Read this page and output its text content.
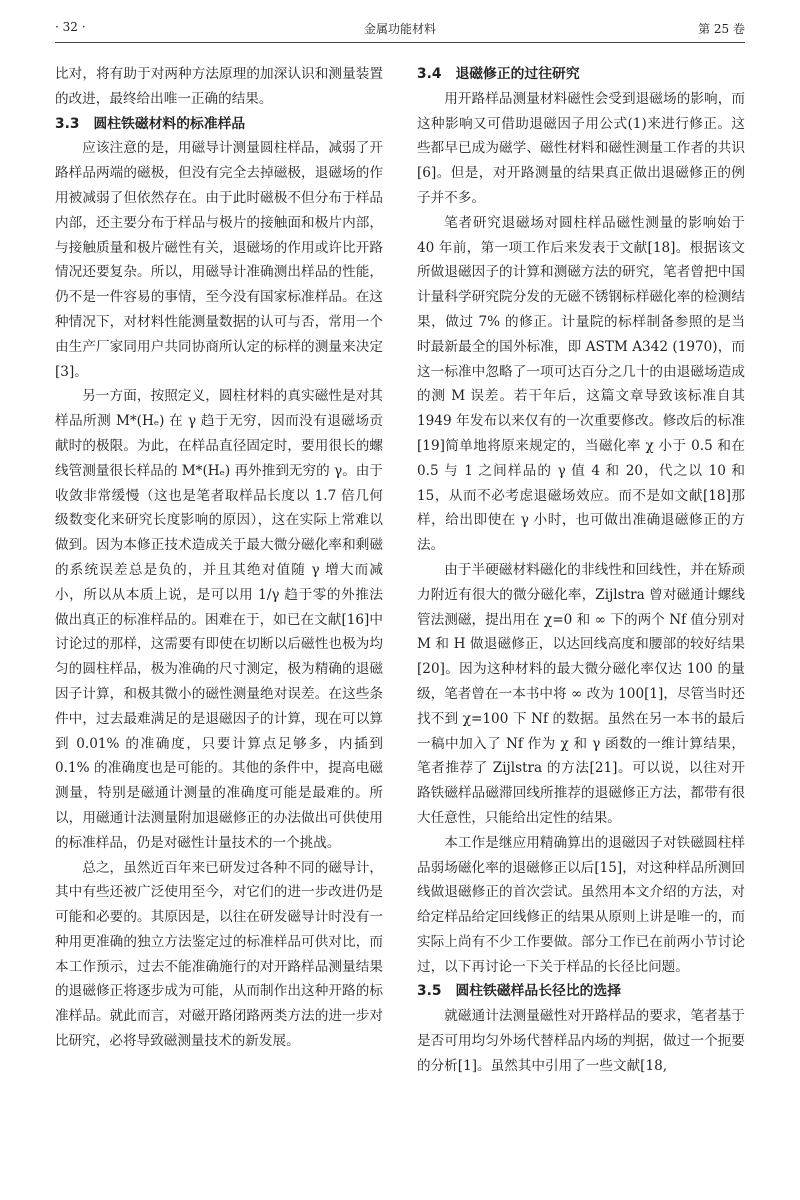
· 32 ·	金属功能材料	第 25 卷

比对，将有助于对两种方法原理的加深认识和测量装置的改进，最终给出唯一正确的结果。

3.3 圆柱铁磁材料的标准样品

应该注意的是，用磁导计测量圆柱样品，减弱了开路样品两端的磁极，但没有完全去掉磁极，退磁场的作用被减弱了但依然存在。由于此时磁极不但分布于样品内部，还主要分布于样品与极片的接触面和极片内部，与接触质量和极片磁性有关，退磁场的作用或许比开路情况还要复杂。所以，用磁导计准确测出样品的性能，仍不是一件容易的事情，至今没有国家标准样品。在这种情况下，对材料性能测量数据的认可与否，常用一个由生产厂家同用户共同协商所认定的标样的测量来决定[3]。

另一方面，按照定义，圆柱材料的真实磁性是对其样品所测 M*(Hₑ) 在 γ 趋于无穷，因而没有退磁场贡献时的极限。为此，在样品直径固定时，要用很长的螺线管测量很长样品的 M*(Hₑ) 再外推到无穷的 γ。由于收敛非常缓慢（这也是笔者取样品长度以 1.7 倍几何级数变化来研究长度影响的原因），这在实际上常难以做到。因为本修正技术造成关于最大微分磁化率和剩磁的系统误差总是负的，并且其绝对值随 γ 增大而减小，所以从本质上说，是可以用 1/γ 趋于零的外推法做出真正的标准样品的。困难在于，如已在文献[16]中讨论过的那样，这需要有即使在切断以后磁性也极为均匀的圆柱样品，极为准确的尺寸测定，极为精确的退磁因子计算，和极其微小的磁性测量绝对误差。在这些条件中，过去最难满足的是退磁因子的计算，现在可以算到 0.01% 的准确度，只要计算点足够多，内插到 0.1% 的准确度也是可能的。其他的条件中，提高电磁测量，特别是磁通计测量的准确度可能是最难的。所以，用磁通计法测量附加退磁修正的办法做出可供使用的标准样品，仍是对磁性计量技术的一个挑战。

总之，虽然近百年来已研发过各种不同的磁导计，其中有些还被广泛使用至今，对它们的进一步改进仍是可能和必要的。其原因是，以往在研发磁导计时没有一种用更准确的独立方法鉴定过的标准样品可供对比，而本工作预示，过去不能准确施行的对开路样品测量结果的退磁修正将逐步成为可能，从而制作出这种开路的标准样品。就此而言，对磁开路闭路两类方法的进一步对比研究，必将导致磁测量技术的新发展。

3.4 退磁修正的过往研究

用开路样品测量材料磁性会受到退磁场的影响，而这种影响又可借助退磁因子用公式(1)来进行修正。这些都早已成为磁学、磁性材料和磁性测量工作者的共识[6]。但是，对开路测量的结果真正做出退磁修正的例子并不多。

笔者研究退磁场对圆柱样品磁性测量的影响始于 40 年前，第一项工作后来发表于文献[18]。根据该文所做退磁因子的计算和测磁方法的研究，笔者曾把中国计量科学研究院分发的无磁不锈钢标样磁化率的检测结果，做过 7% 的修正。计量院的标样制备参照的是当时最新最全的国外标准，即 ASTM A342 (1970)，而这一标准中忽略了一项可达百分之几十的由退磁场造成的测 M 误差。若干年后，这篇文章导致该标准自其 1949 年发布以来仅有的一次重要修改。修改后的标准[19]简单地将原来规定的，当磁化率 χ 小于 0.5 和在 0.5 与 1 之间样品的 γ 值 4 和 20，代之以 10 和 15，从而不必考虑退磁场效应。而不是如文献[18]那样，给出即使在 γ 小时，也可做出准确退磁修正的方法。

由于半硬磁材料磁化的非线性和回线性，并在矫顽力附近有很大的微分磁化率，Zijlstra 曾对磁通计螺线管法测磁，提出用在 χ=0 和 ∞ 下的两个 Nf 值分别对 M 和 H 做退磁修正，以达回线高度和腰部的较好结果[20]。因为这种材料的最大微分磁化率仅达 100 的量级，笔者曾在一本书中将 ∞ 改为 100[1]，尽管当时还找不到 χ=100 下 Nf 的数据。虽然在另一本书的最后一稿中加入了 Nf 作为 χ 和 γ 函数的一维计算结果，笔者推荐了 Zijlstra 的方法[21]。可以说，以往对开路铁磁样品磁滞回线所推荐的退磁修正方法，都带有很大任意性，只能给出定性的结果。

本工作是继应用精确算出的退磁因子对铁磁圆柱样品弱场磁化率的退磁修正以后[15]，对这种样品所测回线做退磁修正的首次尝试。虽然用本文介绍的方法，对给定样品给定回线修正的结果从原则上讲是唯一的，而实际上尚有不少工作要做。部分工作已在前两小节讨论过，以下再讨论一下关于样品的长径比问题。

3.5 圆柱铁磁样品长径比的选择

就磁通计法测量磁性对开路样品的要求，笔者基于是否可用均匀外场代替样品内场的判据，做过一个扼要的分析[1]。虽然其中引用了一些文献[18,
